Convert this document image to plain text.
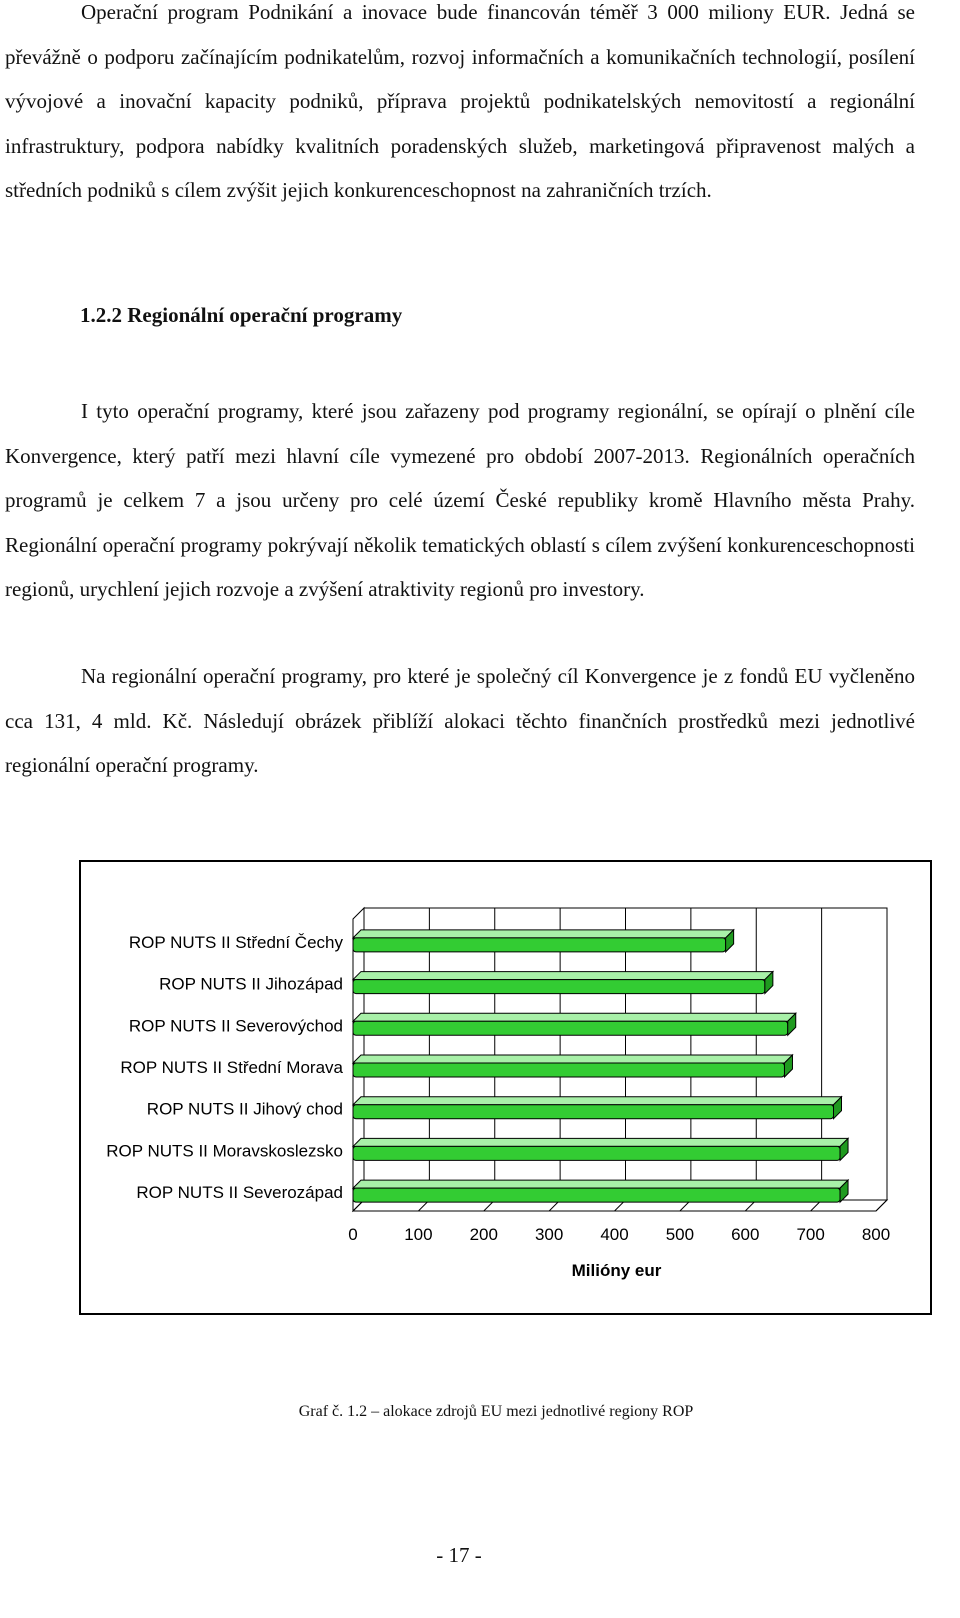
Operační program Podnikání a inovace bude financován téměř 3 000 miliony EUR. Jedná se převážně o podporu začínajícím podnikatelům, rozvoj informačních a komunikačních technologií, posílení vývojové a inovační kapacity podniků, příprava projektů podnikatelských nemovitostí a regionální infrastruktury, podpora nabídky kvalitních poradenských služeb, marketingová připravenost malých a středních podniků s cílem zvýšit jejich konkurenceschopnost na zahraničních trzích.

1.2.2 Regionální operační programy

I tyto operační programy, které jsou zařazeny pod programy regionální, se opírají o plnění cíle Konvergence, který patří mezi hlavní cíle vymezené pro období 2007-2013. Regionálních operačních programů je celkem 7 a jsou určeny pro celé území České republiky kromě Hlavního města Prahy. Regionální operační programy pokrývají několik tematických oblastí s cílem zvýšení konkurenceschopnosti regionů, urychlení jejich rozvoje a zvýšení atraktivity regionů pro investory.

Na regionální operační programy, pro které je společný cíl Konvergence je z fondů EU vyčleněno cca 131, 4 mld. Kč. Následují obrázek přiblíží alokaci těchto finančních prostředků mezi jednotlivé regionální operační programy.

0	100 200 300 400 500 600 700 800
Milióny eur
ROP NUTS II Střední Čechy
ROP NUTS II Jihozápad
ROP NUTS II Severovýchod
ROP NUTS II Střední Morava
ROP NUTS II Jihový chod
ROP NUTS II Moravskoslezsko
ROP NUTS II Severozápad

Graf č. 1.2 – alokace zdrojů EU mezi jednotlivé regiony ROP

- 17 -
